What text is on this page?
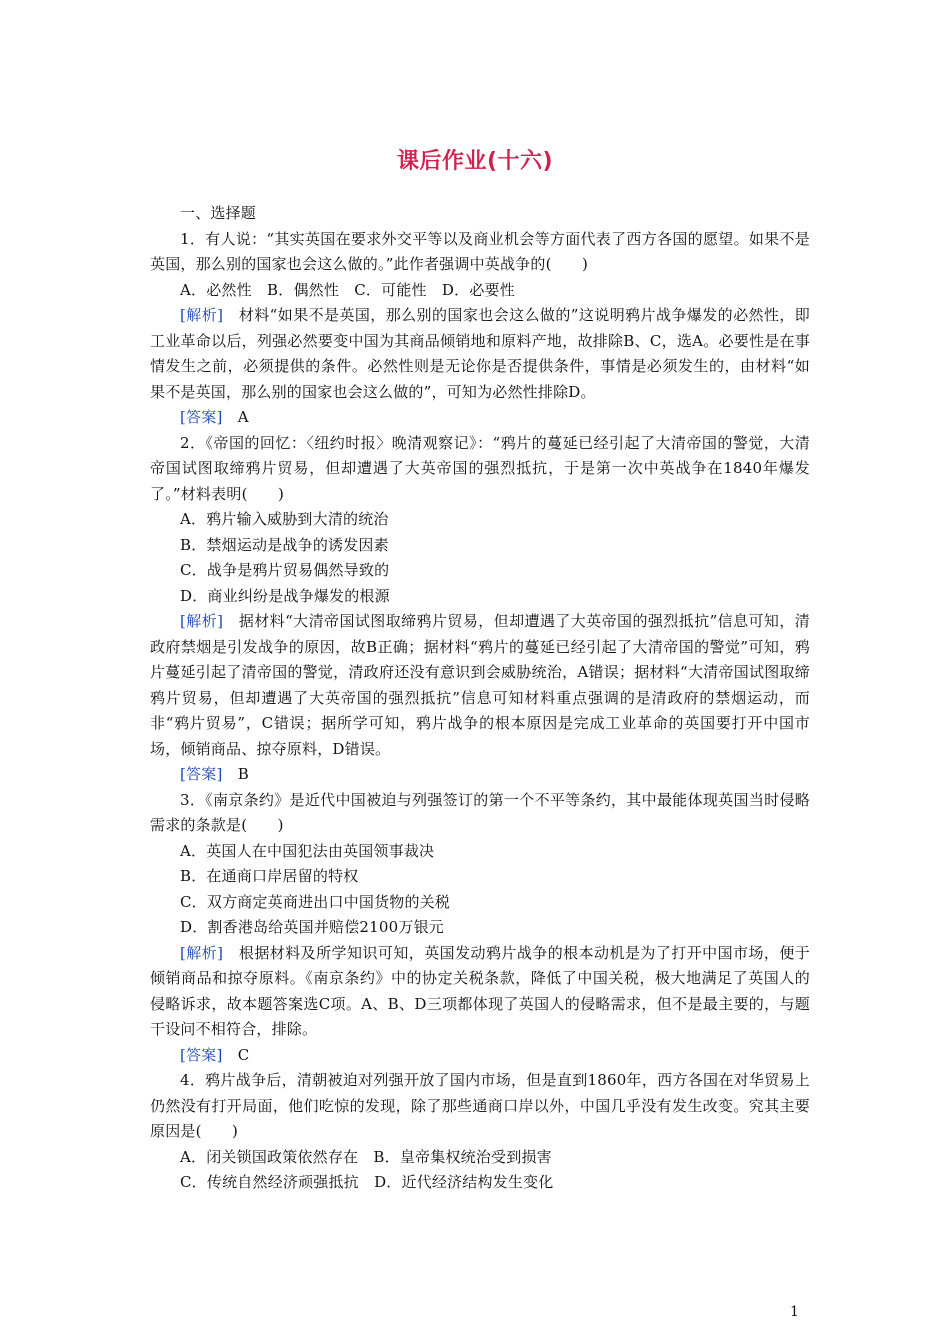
课后作业(十六)

一、选择题

1．有人说：“其实英国在要求外交平等以及商业机会等方面代表了西方各国的愿望。如果不是英国，那么别的国家也会这么做的。”此作者强调中英战争的(　　)

A．必然性　B．偶然性　C．可能性　D．必要性

[解析]　材料“如果不是英国，那么别的国家也会这么做的”这说明鸦片战争爆发的必然性，即工业革命以后，列强必然要变中国为其商品倾销地和原料产地，故排除B、C，选A。必要性是在事情发生之前，必须提供的条件。必然性则是无论你是否提供条件，事情是必须发生的，由材料“如果不是英国，那么别的国家也会这么做的”，可知为必然性排除D。

[答案]　A

2．《帝国的回忆：〈纽约时报〉晚清观察记》：“鸦片的蔓延已经引起了大清帝国的警觉，大清帝国试图取缔鸦片贸易，但却遭遇了大英帝国的强烈抵抗，于是第一次中英战争在1840年爆发了。”材料表明(　　)

A．鸦片输入威胁到大清的统治

B．禁烟运动是战争的诱发因素

C．战争是鸦片贸易偶然导致的

D．商业纠纷是战争爆发的根源

[解析]　据材料“大清帝国试图取缔鸦片贸易，但却遭遇了大英帝国的强烈抵抗”信息可知，清政府禁烟是引发战争的原因，故B正确；据材料“鸦片的蔓延已经引起了大清帝国的警觉”可知，鸦片蔓延引起了清帝国的警觉，清政府还没有意识到会威胁统治，A错误；据材料“大清帝国试图取缔鸦片贸易，但却遭遇了大英帝国的强烈抵抗”信息可知材料重点强调的是清政府的禁烟运动，而非“鸦片贸易”，C错误；据所学可知，鸦片战争的根本原因是完成工业革命的英国要打开中国市场，倾销商品、掠夺原料，D错误。

[答案]　B

3．《南京条约》是近代中国被迫与列强签订的第一个不平等条约，其中最能体现英国当时侵略需求的条款是(　　)

A．英国人在中国犯法由英国领事裁决

B．在通商口岸居留的特权

C．双方商定英商进出口中国货物的关税

D．割香港岛给英国并赔偿2100万银元

[解析]　根据材料及所学知识可知，英国发动鸦片战争的根本动机是为了打开中国市场，便于倾销商品和掠夺原料。《南京条约》中的协定关税条款，降低了中国关税，极大地满足了英国人的侵略诉求，故本题答案选C项。A、B、D三项都体现了英国人的侵略需求，但不是最主要的，与题干设问不相符合，排除。

[答案]　C

4．鸦片战争后，清朝被迫对列强开放了国内市场，但是直到1860年，西方各国在对华贸易上仍然没有打开局面，他们吃惊的发现，除了那些通商口岸以外，中国几乎没有发生改变。究其主要原因是(　　)

A．闭关锁国政策依然存在　B．皇帝集权统治受到损害

C．传统自然经济顽强抵抗　D．近代经济结构发生变化

1
